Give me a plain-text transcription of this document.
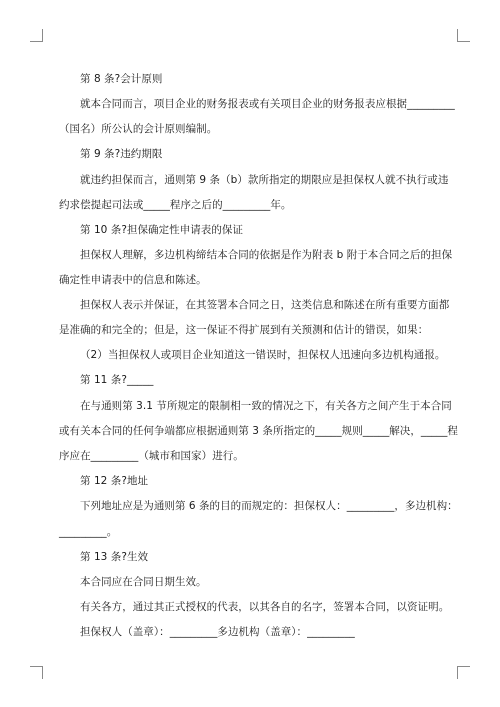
第 8 条?会计原则
就本合同而言，项目企业的财务报表或有关项目企业的财务报表应根据_________
（国名）所公认的会计原则编制。
第 9 条?违约期限
就违约担保而言，通则第 9 条（b）款所指定的期限应是担保权人就不执行或违
约求偿提起司法或_____程序之后的_________年。
第 10 条?担保确定性申请表的保证
担保权人理解，多边机构缔结本合同的依据是作为附表 b 附于本合同之后的担保
确定性申请表中的信息和陈述。
担保权人表示并保证，在其签署本合同之日，这类信息和陈述在所有重要方面都
是准确的和完全的；但是，这一保证不得扩展到有关预测和估计的错误，如果：
（2）当担保权人或项目企业知道这一错误时，担保权人迅速向多边机构通报。
第 11 条?_____
在与通则第 3.1 节所规定的限制相一致的情况之下，有关各方之间产生于本合同
或有关本合同的任何争端都应根据通则第 3 条所指定的_____规则_____解决，_____程
序应在_________（城市和国家）进行。
第 12 条?地址
下列地址应是为通则第 6 条的目的而规定的：担保权人：_________，多边机构：
_________。
第 13 条?生效
本合同应在合同日期生效。
有关各方，通过其正式授权的代表，以其各自的名字，签署本合同，以资证明。
担保权人（盖章）：_________多边机构（盖章）：_________
